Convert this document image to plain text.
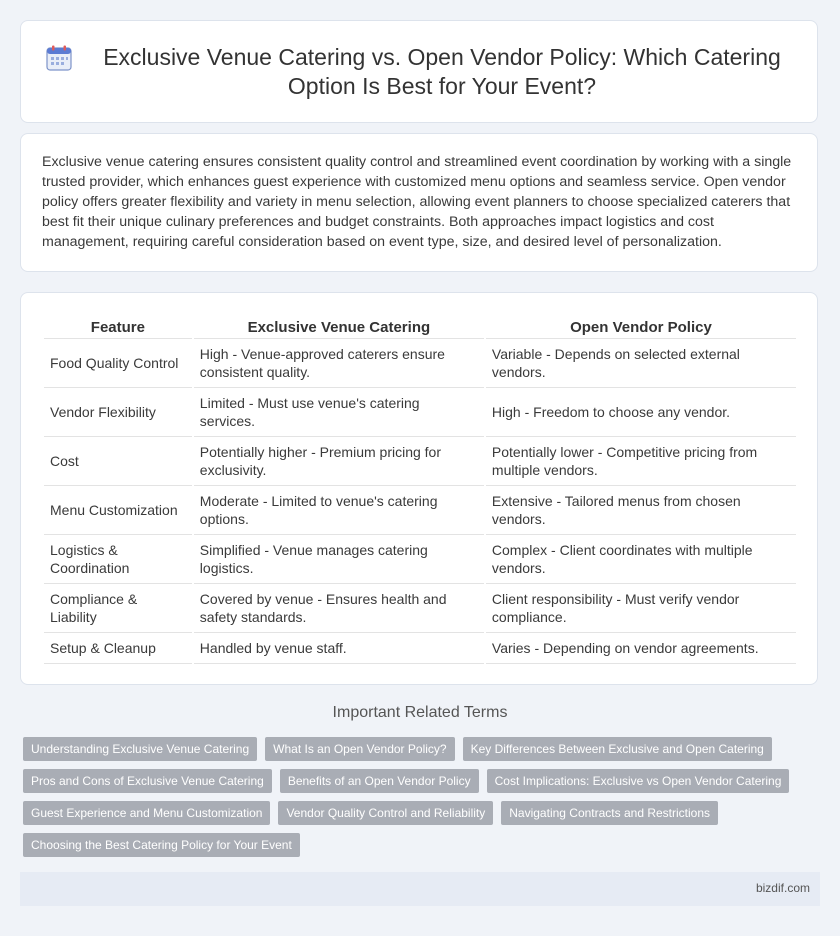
Exclusive Venue Catering vs. Open Vendor Policy: Which Catering Option Is Best for Your Event?

Exclusive venue catering ensures consistent quality control and streamlined event coordination by working with a single trusted provider, which enhances guest experience with customized menu options and seamless service. Open vendor policy offers greater flexibility and variety in menu selection, allowing event planners to choose specialized caterers that best fit their unique culinary preferences and budget constraints. Both approaches impact logistics and cost management, requiring careful consideration based on event type, size, and desired level of personalization.

Feature	Exclusive Venue Catering	Open Vendor Policy
Food Quality Control	High - Venue-approved caterers ensure consistent quality.	Variable - Depends on selected external vendors.
Vendor Flexibility	Limited - Must use venue's catering services.	High - Freedom to choose any vendor.
Cost	Potentially higher - Premium pricing for exclusivity.	Potentially lower - Competitive pricing from multiple vendors.
Menu Customization	Moderate - Limited to venue's catering options.	Extensive - Tailored menus from chosen vendors.
Logistics & Coordination	Simplified - Venue manages catering logistics.	Complex - Client coordinates with multiple vendors.
Compliance & Liability	Covered by venue - Ensures health and safety standards.	Client responsibility - Must verify vendor compliance.
Setup & Cleanup	Handled by venue staff.	Varies - Depending on vendor agreements.
Important Related Terms
Understanding Exclusive Venue Catering	What Is an Open Vendor Policy?	Key Differences Between Exclusive and Open Catering
Pros and Cons of Exclusive Venue Catering	Benefits of an Open Vendor Policy	Cost Implications: Exclusive vs Open Vendor Catering
Guest Experience and Menu Customization	Vendor Quality Control and Reliability	Navigating Contracts and Restrictions
Choosing the Best Catering Policy for Your Event
bizdif.com
